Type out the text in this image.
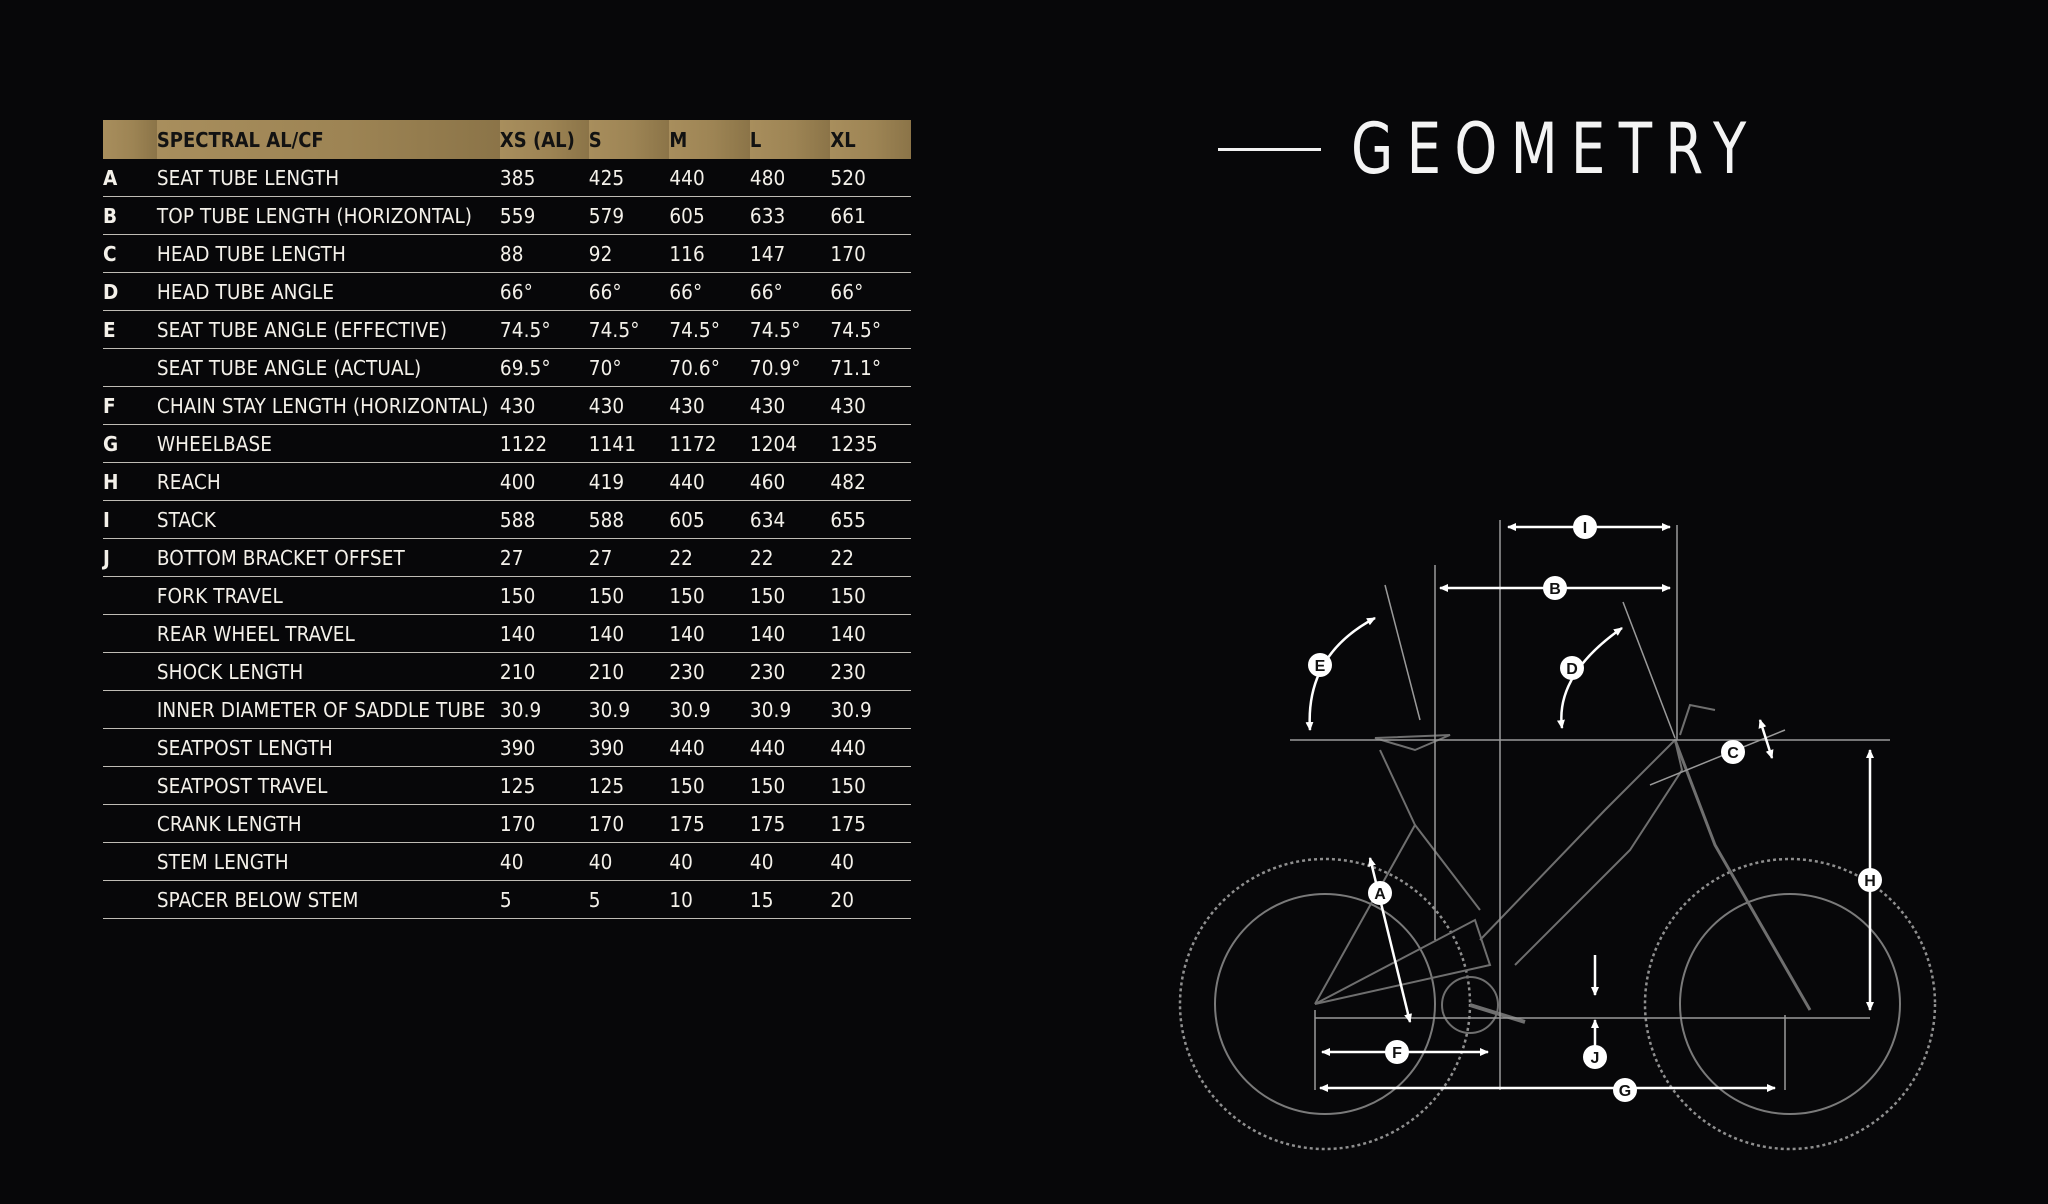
	SPECTRAL AL/CF	XS (AL)	S	M	L	XL
A	SEAT TUBE LENGTH	385	425	440	480	520
B	TOP TUBE LENGTH (HORIZONTAL)	559	579	605	633	661
C	HEAD TUBE LENGTH	88	92	116	147	170
D	HEAD TUBE ANGLE	66°	66°	66°	66°	66°
E	SEAT TUBE ANGLE (EFFECTIVE)	74.5°	74.5°	74.5°	74.5°	74.5°
	SEAT TUBE ANGLE (ACTUAL)	69.5°	70°	70.6°	70.9°	71.1°
F	CHAIN STAY LENGTH (HORIZONTAL)	430	430	430	430	430
G	WHEELBASE	1122	1141	1172	1204	1235
H	REACH	400	419	440	460	482
I	STACK	588	588	605	634	655
J	BOTTOM BRACKET OFFSET	27	27	22	22	22
	FORK TRAVEL	150	150	150	150	150
	REAR WHEEL TRAVEL	140	140	140	140	140
	SHOCK LENGTH	210	210	230	230	230
	INNER DIAMETER OF SADDLE TUBE	30.9	30.9	30.9	30.9	30.9
	SEATPOST LENGTH	390	390	440	440	440
	SEATPOST TRAVEL	125	125	150	150	150
	CRANK LENGTH	170	170	175	175	175
	STEM LENGTH	40	40	40	40	40
	SPACER BELOW STEM	5	5	10	15	20
GEOMETRY
I
B
E	D
C
H
A
F	J
G
